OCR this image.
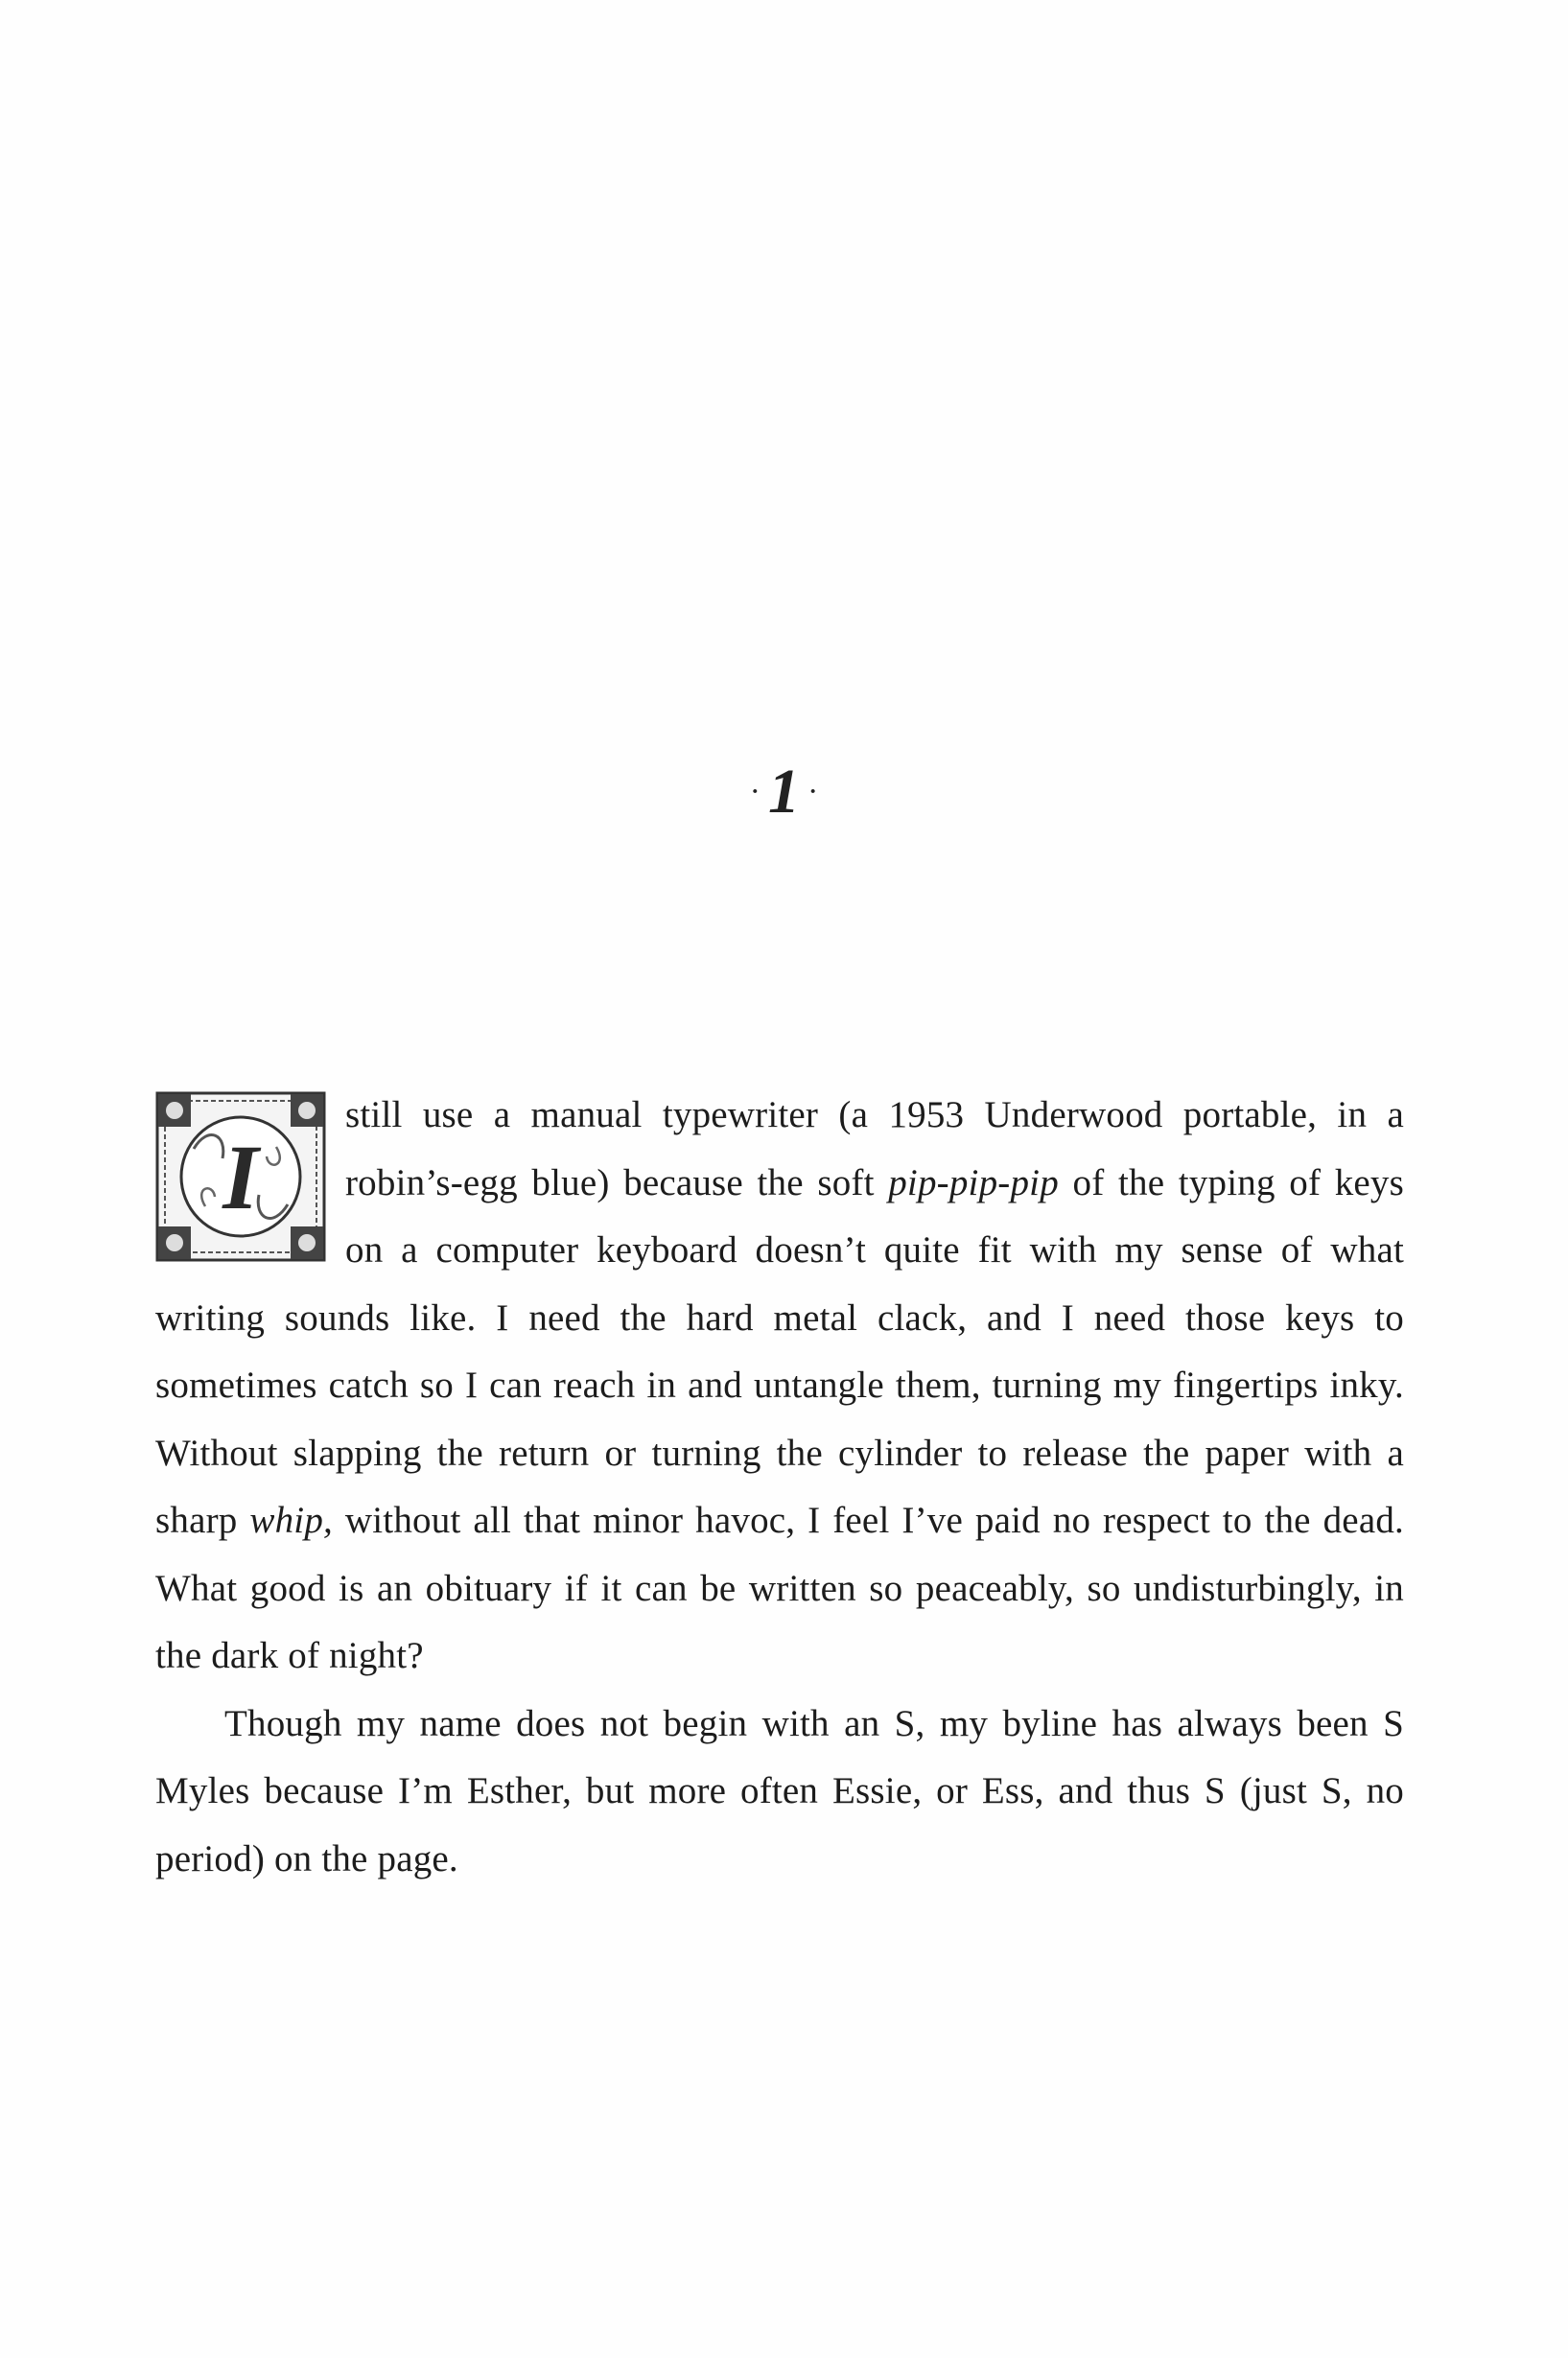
· 1 ·

I
still use a manual typewriter (a 1953 Underwood portable, in a robin’s-egg blue) because the soft pip-pip-pip of the typing of keys on a computer keyboard doesn’t quite fit with my sense of what writing sounds like. I need the hard metal clack, and I need those keys to sometimes catch so I can reach in and untangle them, turning my fingertips inky. Without slapping the return or turning the cylinder to release the paper with a sharp whip, without all that minor havoc, I feel I’ve paid no respect to the dead. What good is an obituary if it can be written so peaceably, so undisturbingly, in the dark of night?

Though my name does not begin with an S, my byline has always been S Myles because I’m Esther, but more often Essie, or Ess, and thus S (just S, no period) on the page.
